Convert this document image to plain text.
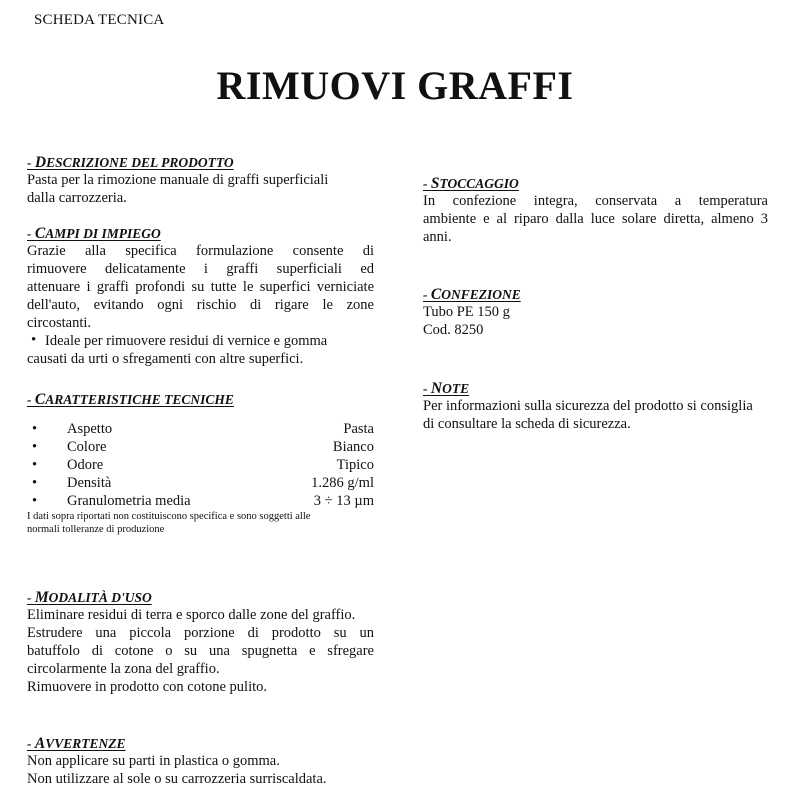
SCHEDA TECNICA
RIMUOVI GRAFFI
- DESCRIZIONE DEL PRODOTTO
Pasta per la rimozione manuale di graffi superficiali
dalla carrozzeria.
- CAMPI DI IMPIEGO
Grazie alla specifica formulazione consente di
rimuovere delicatamente i graffi superficiali ed
attenuare i graffi profondi su tutte le superfici verniciate
dell'auto, evitando ogni rischio di rigare le zone
circostanti.
• Ideale per rimuovere residui di vernice e gomma
causati da urti o sfregamenti con altre superfici.
- CARATTERISTICHE TECNICHE
•	Aspetto	Pasta
•	Colore	Bianco
•	Odore	Tipico
•	Densità	1.286 g/ml
•	Granulometria media	3 ÷ 13 µm
I dati sopra riportati non costituiscono specifica e sono soggetti alle
normali tolleranze di produzione
- MODALITÀ D'USO
Eliminare residui di terra e sporco dalle zone del graffio.
Estrudere una piccola porzione di prodotto su un
batuffolo di cotone o su una spugnetta e sfregare
circolarmente la zona del graffio.
Rimuovere in prodotto con cotone pulito.
- AVVERTENZE
Non applicare su parti in plastica o gomma.
Non utilizzare al sole o su carrozzeria surriscaldata.
- STOCCAGGIO
In confezione integra, conservata a temperatura
ambiente e al riparo dalla luce solare diretta, almeno 3
anni.
- CONFEZIONE
Tubo PE 150 g
Cod. 8250
- NOTE
Per informazioni sulla sicurezza del prodotto si consiglia
di consultare la scheda di sicurezza.
